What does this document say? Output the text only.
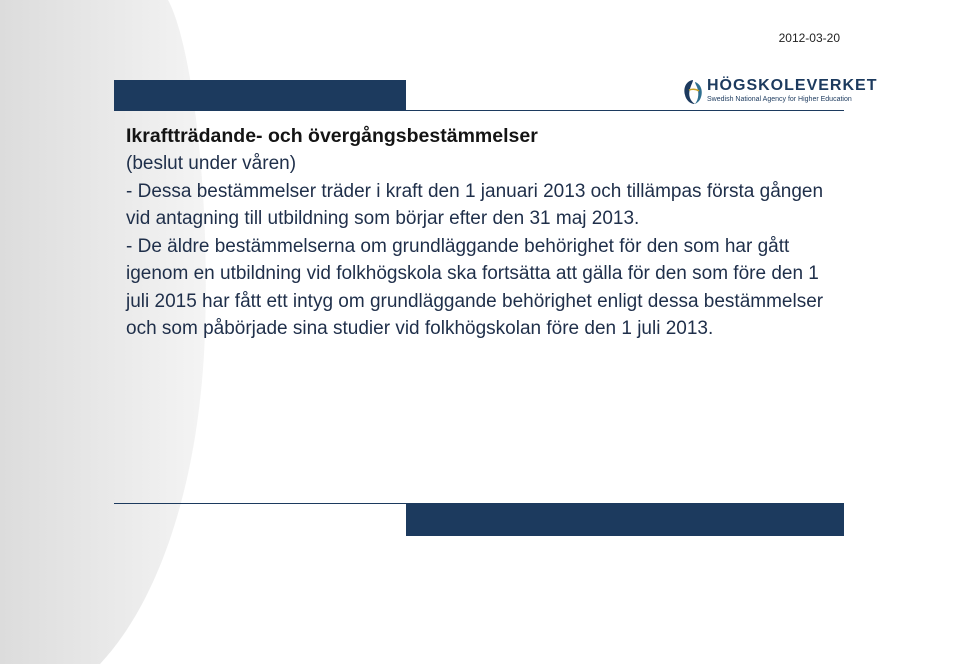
2012-03-20
HÖGSKOLEVERKET
Swedish National Agency for Higher Education
Ikraftträdande- och övergångsbestämmelser

(beslut under våren)

- Dessa bestämmelser träder i kraft den 1 januari 2013 och tillämpas första gången vid antagning till utbildning som börjar efter den 31 maj 2013.

- De äldre bestämmelserna om grundläggande behörighet för den som har gått igenom en utbildning vid folkhögskola ska fortsätta att gälla för den som före den 1 juli 2015 har fått ett intyg om grundläggande behörighet enligt dessa bestämmelser och som påbörjade sina studier vid folkhögskolan före den 1 juli 2013.
